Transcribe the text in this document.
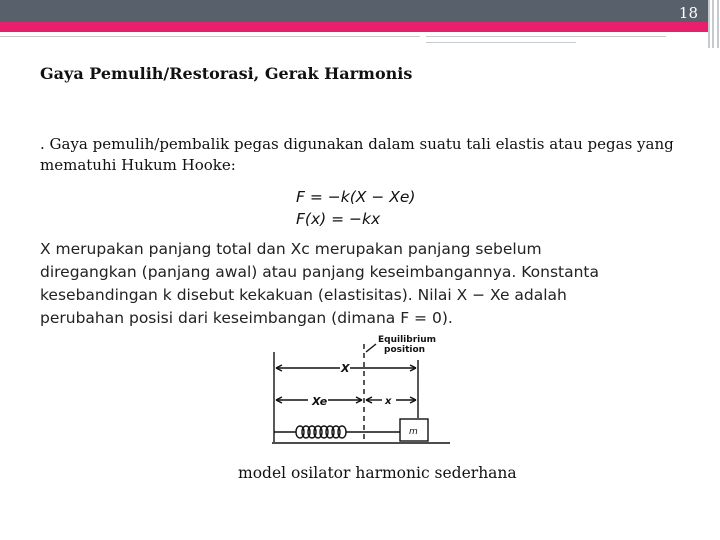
18
Gaya Pemulih/Restorasi, Gerak Harmonis
. Gaya pemulih/pembalik pegas digunakan dalam suatu tali elastis atau pegas yang mematuhi Hukum Hooke:
F = −k(X − Xe)
F(x) = −kx
X merupakan panjang total dan Xc merupakan panjang sebelum
diregangkan (panjang awal) atau panjang keseimbangannya. Konstanta
kesebandingan k disebut kekakuan (elastisitas). Nilai X − Xe adalah
perubahan posisi dari keseimbangan (dimana F = 0).
Equilibrium
position
X
Xe	x
m
model osilator harmonic sederhana
